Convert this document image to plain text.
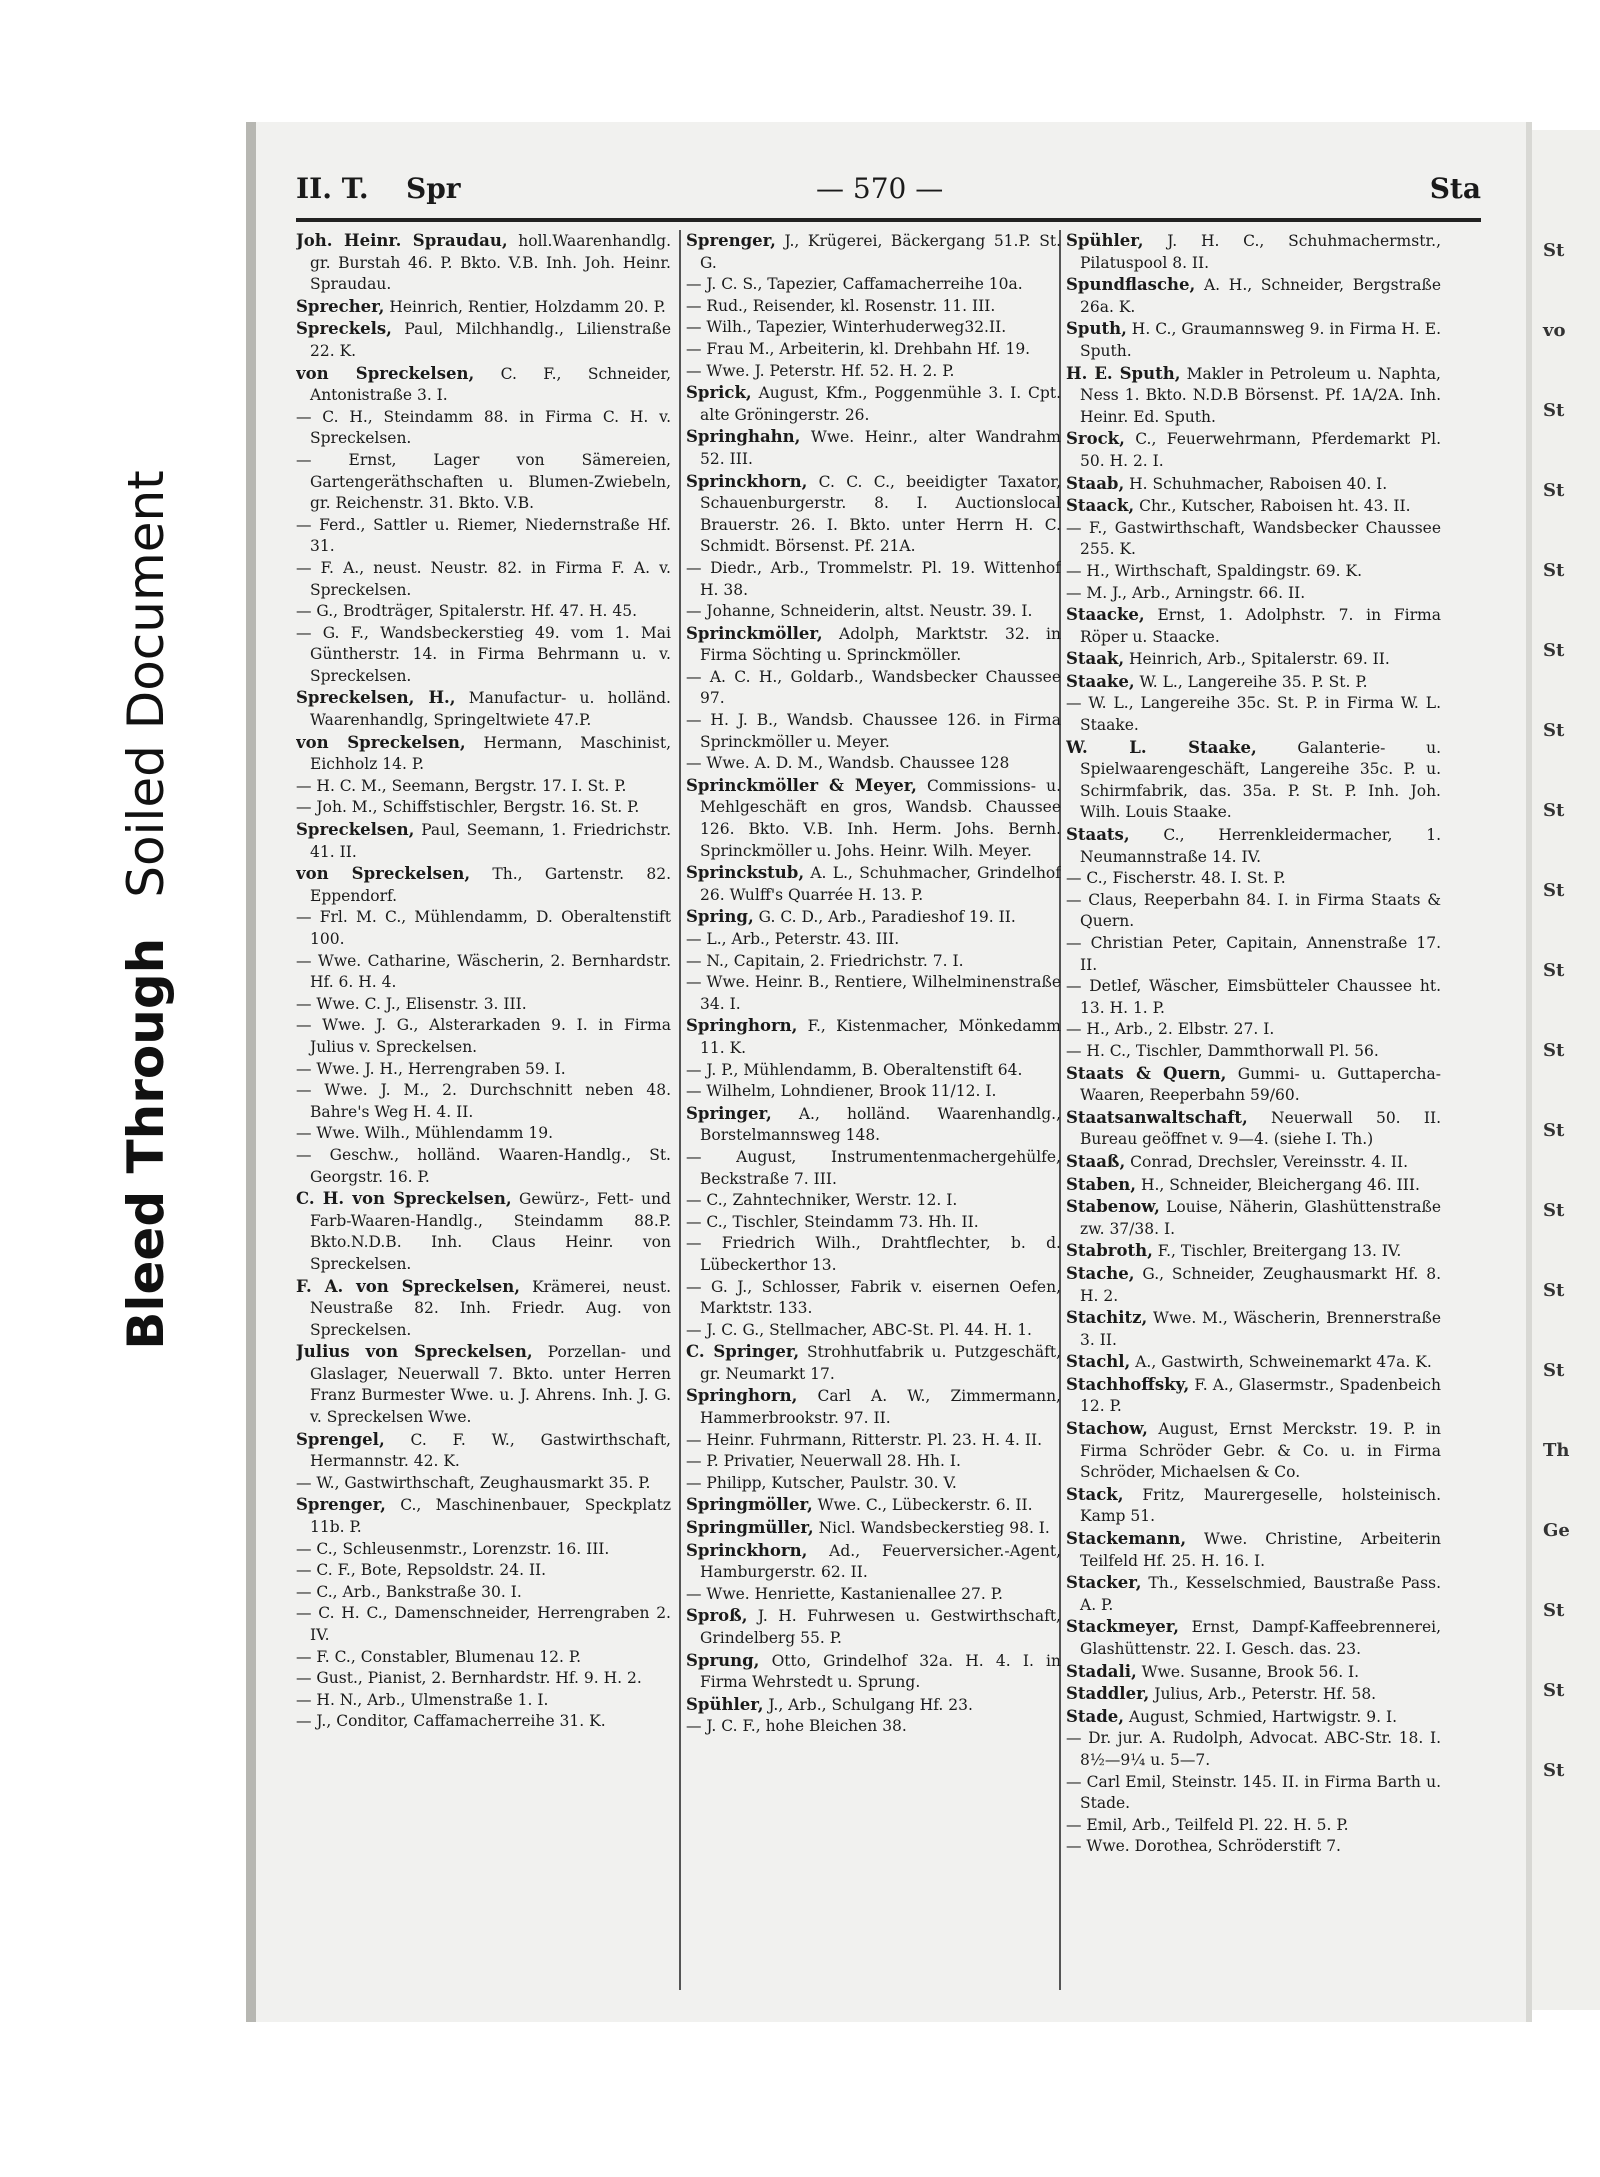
Bleed ThroughSoiled Document
St
vo
St
St
St
St
St
St
St
St
St
St
St
St
St
Th
Ge
St
St
St
II. T. Spr	— 570 —	Sta

Joh. Heinr. Spraudau, holl.Waarenhandlg. gr. Burstah 46. P. Bkto. V.B. Inh. Joh. Heinr. Spraudau.

Sprecher, Heinrich, Rentier, Holzdamm 20. P.

Spreckels, Paul, Milchhandlg., Lilienstraße 22. K.

von Spreckelsen, C. F., Schneider, Antonistraße 3. I.

— C. H., Steindamm 88. in Firma C. H. v. Spreckelsen.

— Ernst, Lager von Sämereien, Gartengeräthschaften u. Blumen-Zwiebeln, gr. Reichenstr. 31. Bkto. V.B.

— Ferd., Sattler u. Riemer, Niedernstraße Hf. 31.

— F. A., neust. Neustr. 82. in Firma F. A. v. Spreckelsen.

— G., Brodträger, Spitalerstr. Hf. 47. H. 45.

— G. F., Wandsbeckerstieg 49. vom 1. Mai Güntherstr. 14. in Firma Behrmann u. v. Spreckelsen.

Spreckelsen, H., Manufactur- u. holländ. Waarenhandlg, Springeltwiete 47.P.

von Spreckelsen, Hermann, Maschinist, Eichholz 14. P.

— H. C. M., Seemann, Bergstr. 17. I. St. P.

— Joh. M., Schiffstischler, Bergstr. 16. St. P.

Spreckelsen, Paul, Seemann, 1. Friedrichstr. 41. II.

von Spreckelsen, Th., Gartenstr. 82. Eppendorf.

— Frl. M. C., Mühlendamm, D. Oberaltenstift 100.

— Wwe. Catharine, Wäscherin, 2. Bernhardstr. Hf. 6. H. 4.

— Wwe. C. J., Elisenstr. 3. III.

— Wwe. J. G., Alsterarkaden 9. I. in Firma Julius v. Spreckelsen.

— Wwe. J. H., Herrengraben 59. I.

— Wwe. J. M., 2. Durchschnitt neben 48. Bahre's Weg H. 4. II.

— Wwe. Wilh., Mühlendamm 19.

— Geschw., holländ. Waaren-Handlg., St. Georgstr. 16. P.

C. H. von Spreckelsen, Gewürz-, Fett- und Farb-Waaren-Handlg., Steindamm 88.P. Bkto.N.D.B. Inh. Claus Heinr. von Spreckelsen.

F. A. von Spreckelsen, Krämerei, neust. Neustraße 82. Inh. Friedr. Aug. von Spreckelsen.

Julius von Spreckelsen, Porzellan- und Glaslager, Neuerwall 7. Bkto. unter Herren Franz Burmester Wwe. u. J. Ahrens. Inh. J. G. v. Spreckelsen Wwe.

Sprengel, C. F. W., Gastwirthschaft, Hermannstr. 42. K.

— W., Gastwirthschaft, Zeughausmarkt 35. P.

Sprenger, C., Maschinenbauer, Speckplatz 11b. P.

— C., Schleusenmstr., Lorenzstr. 16. III.

— C. F., Bote, Repsoldstr. 24. II.

— C., Arb., Bankstraße 30. I.

— C. H. C., Damenschneider, Herrengraben 2. IV.

— F. C., Constabler, Blumenau 12. P.

— Gust., Pianist, 2. Bernhardstr. Hf. 9. H. 2.

— H. N., Arb., Ulmenstraße 1. I.

— J., Conditor, Caffamacherreihe 31. K.

Sprenger, J., Krügerei, Bäckergang 51.P. St. G.

— J. C. S., Tapezier, Caffamacherreihe 10a.

— Rud., Reisender, kl. Rosenstr. 11. III.

— Wilh., Tapezier, Winterhuderweg32.II.

— Frau M., Arbeiterin, kl. Drehbahn Hf. 19.

— Wwe. J. Peterstr. Hf. 52. H. 2. P.

Sprick, August, Kfm., Poggenmühle 3. I. Cpt. alte Gröningerstr. 26.

Springhahn, Wwe. Heinr., alter Wandrahm 52. III.

Sprinckhorn, C. C. C., beeidigter Taxator, Schauenburgerstr. 8. I. Auctionslocal Brauerstr. 26. I. Bkto. unter Herrn H. C. Schmidt. Börsenst. Pf. 21A.

— Diedr., Arb., Trommelstr. Pl. 19. Wittenhof H. 38.

— Johanne, Schneiderin, altst. Neustr. 39. I.

Sprinckmöller, Adolph, Marktstr. 32. in Firma Söchting u. Sprinckmöller.

— A. C. H., Goldarb., Wandsbecker Chaussee 97.

— H. J. B., Wandsb. Chaussee 126. in Firma Sprinckmöller u. Meyer.

— Wwe. A. D. M., Wandsb. Chaussee 128

Sprinckmöller & Meyer, Commissions- u. Mehlgeschäft en gros, Wandsb. Chaussee 126. Bkto. V.B. Inh. Herm. Johs. Bernh. Sprinckmöller u. Johs. Heinr. Wilh. Meyer.

Sprinckstub, A. L., Schuhmacher, Grindelhof 26. Wulff's Quarrée H. 13. P.

Spring, G. C. D., Arb., Paradieshof 19. II.

— L., Arb., Peterstr. 43. III.

— N., Capitain, 2. Friedrichstr. 7. I.

— Wwe. Heinr. B., Rentiere, Wilhelminenstraße 34. I.

Springhorn, F., Kistenmacher, Mönkedamm 11. K.

— J. P., Mühlendamm, B. Oberaltenstift 64.

— Wilhelm, Lohndiener, Brook 11/12. I.

Springer, A., holländ. Waarenhandlg., Borstelmannsweg 148.

— August, Instrumentenmachergehülfe, Beckstraße 7. III.

— C., Zahntechniker, Werstr. 12. I.

— C., Tischler, Steindamm 73. Hh. II.

— Friedrich Wilh., Drahtflechter, b. d. Lübeckerthor 13.

— G. J., Schlosser, Fabrik v. eisernen Oefen, Marktstr. 133.

— J. C. G., Stellmacher, ABC-St. Pl. 44. H. 1.

C. Springer, Strohhutfabrik u. Putzgeschäft, gr. Neumarkt 17.

Springhorn, Carl A. W., Zimmermann, Hammerbrookstr. 97. II.

— Heinr. Fuhrmann, Ritterstr. Pl. 23. H. 4. II.

— P. Privatier, Neuerwall 28. Hh. I.

— Philipp, Kutscher, Paulstr. 30. V.

Springmöller, Wwe. C., Lübeckerstr. 6. II.

Springmüller, Nicl. Wandsbeckerstieg 98. I.

Sprinckhorn, Ad., Feuerversicher.-Agent, Hamburgerstr. 62. II.

— Wwe. Henriette, Kastanienallee 27. P.

Sproß, J. H. Fuhrwesen u. Gestwirthschaft, Grindelberg 55. P.

Sprung, Otto, Grindelhof 32a. H. 4. I. in Firma Wehrstedt u. Sprung.

Spühler, J., Arb., Schulgang Hf. 23.

— J. C. F., hohe Bleichen 38.

Spühler, J. H. C., Schuhmachermstr., Pilatuspool 8. II.

Spundflasche, A. H., Schneider, Bergstraße 26a. K.

Sputh, H. C., Graumannsweg 9. in Firma H. E. Sputh.

H. E. Sputh, Makler in Petroleum u. Naphta, Ness 1. Bkto. N.D.B Börsenst. Pf. 1A/2A. Inh. Heinr. Ed. Sputh.

Srock, C., Feuerwehrmann, Pferdemarkt Pl. 50. H. 2. I.

Staab, H. Schuhmacher, Raboisen 40. I.

Staack, Chr., Kutscher, Raboisen ht. 43. II.

— F., Gastwirthschaft, Wandsbecker Chaussee 255. K.

— H., Wirthschaft, Spaldingstr. 69. K.

— M. J., Arb., Arningstr. 66. II.

Staacke, Ernst, 1. Adolphstr. 7. in Firma Röper u. Staacke.

Staak, Heinrich, Arb., Spitalerstr. 69. II.

Staake, W. L., Langereihe 35. P. St. P.

— W. L., Langereihe 35c. St. P. in Firma W. L. Staake.

W. L. Staake, Galanterie- u. Spielwaarengeschäft, Langereihe 35c. P. u. Schirmfabrik, das. 35a. P. St. P. Inh. Joh. Wilh. Louis Staake.

Staats, C., Herrenkleidermacher, 1. Neumannstraße 14. IV.

— C., Fischerstr. 48. I. St. P.

— Claus, Reeperbahn 84. I. in Firma Staats & Quern.

— Christian Peter, Capitain, Annenstraße 17. II.

— Detlef, Wäscher, Eimsbütteler Chaussee ht. 13. H. 1. P.

— H., Arb., 2. Elbstr. 27. I.

— H. C., Tischler, Dammthorwall Pl. 56.

Staats & Quern, Gummi- u. Guttapercha-Waaren, Reeperbahn 59/60.

Staatsanwaltschaft, Neuerwall 50. II. Bureau geöffnet v. 9—4. (siehe I. Th.)

Staaß, Conrad, Drechsler, Vereinsstr. 4. II.

Staben, H., Schneider, Bleichergang 46. III.

Stabenow, Louise, Näherin, Glashüttenstraße zw. 37/38. I.

Stabroth, F., Tischler, Breitergang 13. IV.

Stache, G., Schneider, Zeughausmarkt Hf. 8. H. 2.

Stachitz, Wwe. M., Wäscherin, Brennerstraße 3. II.

Stachl, A., Gastwirth, Schweinemarkt 47a. K.

Stachhoffsky, F. A., Glasermstr., Spadenbeich 12. P.

Stachow, August, Ernst Merckstr. 19. P. in Firma Schröder Gebr. & Co. u. in Firma Schröder, Michaelsen & Co.

Stack, Fritz, Maurergeselle, holsteinisch. Kamp 51.

Stackemann, Wwe. Christine, Arbeiterin Teilfeld Hf. 25. H. 16. I.

Stacker, Th., Kesselschmied, Baustraße Pass. A. P.

Stackmeyer, Ernst, Dampf-Kaffeebrennerei, Glashüttenstr. 22. I. Gesch. das. 23.

Stadali, Wwe. Susanne, Brook 56. I.

Staddler, Julius, Arb., Peterstr. Hf. 58.

Stade, August, Schmied, Hartwigstr. 9. I.

— Dr. jur. A. Rudolph, Advocat. ABC-Str. 18. I. 8½—9¼ u. 5—7.

— Carl Emil, Steinstr. 145. II. in Firma Barth u. Stade.

— Emil, Arb., Teilfeld Pl. 22. H. 5. P.

— Wwe. Dorothea, Schröderstift 7.
